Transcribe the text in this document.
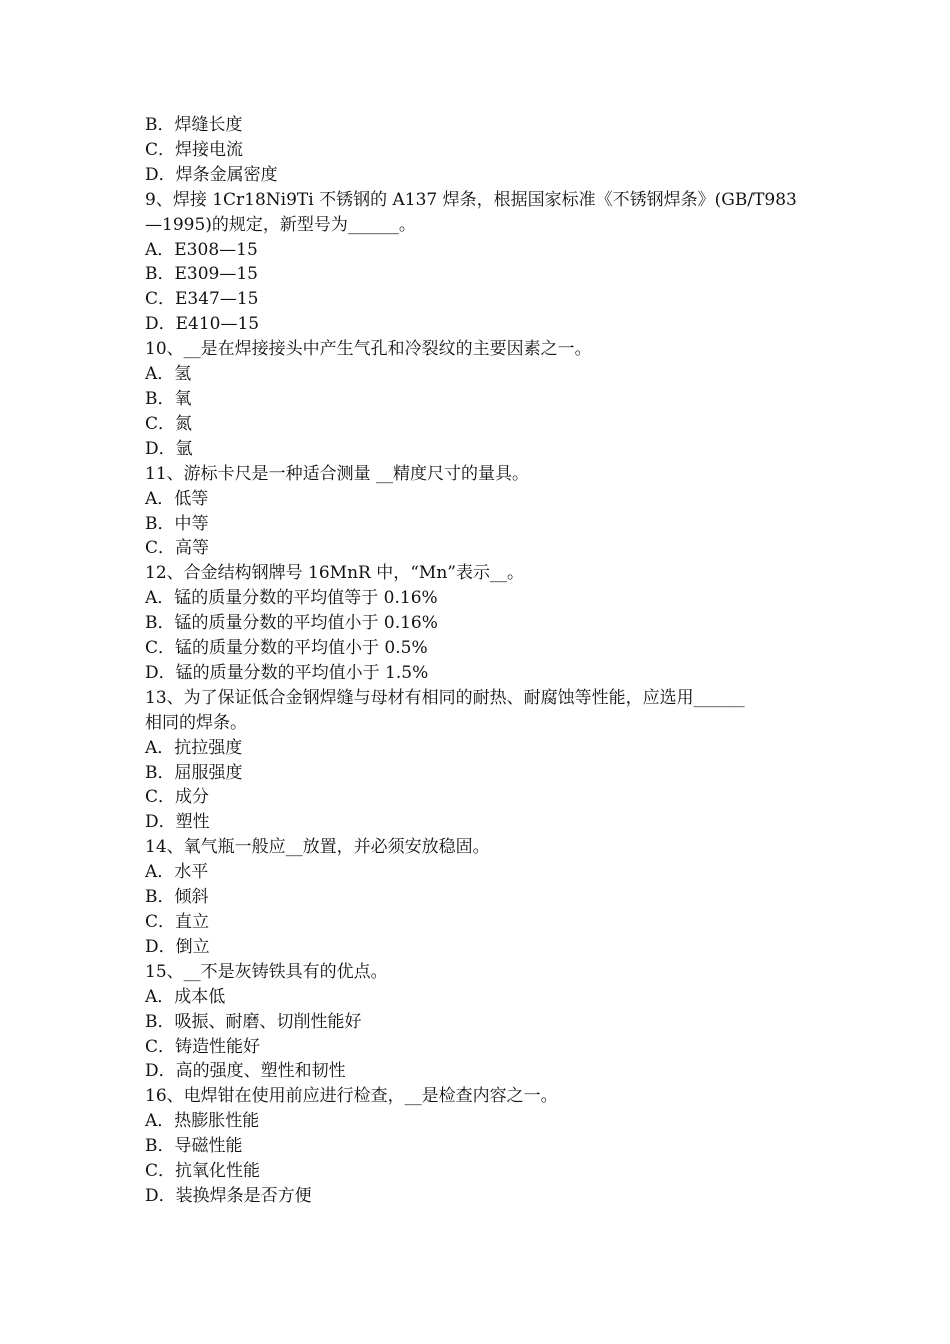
B．焊缝长度

C．焊接电流

D．焊条金属密度

9、焊接 1Cr18Ni9Ti 不锈钢的 A137 焊条，根据国家标准《不锈钢焊条》(GB/T983

—1995)的规定，新型号为______。

A．E308—15

B．E309—15

C．E347—15

D．E410—15

10、__是在焊接接头中产生气孔和冷裂纹的主要因素之一。

A．氢

B．氧

C．氮

D．氩

11、游标卡尺是一种适合测量 __精度尺寸的量具。

A．低等

B．中等

C．高等

12、合金结构钢牌号 16MnR 中，“Mn”表示__。

A．锰的质量分数的平均值等于 0.16%

B．锰的质量分数的平均值小于 0.16%

C．锰的质量分数的平均值小于 0.5%

D．锰的质量分数的平均值小于 1.5%

13、为了保证低合金钢焊缝与母材有相同的耐热、耐腐蚀等性能，应选用______

相同的焊条。

A．抗拉强度

B．屈服强度

C．成分

D．塑性

14、氧气瓶一般应__放置，并必须安放稳固。

A．水平

B．倾斜

C．直立

D．倒立

15、__不是灰铸铁具有的优点。

A．成本低

B．吸振、耐磨、切削性能好

C．铸造性能好

D．高的强度、塑性和韧性

16、电焊钳在使用前应进行检查，__是检查内容之一。

A．热膨胀性能

B．导磁性能

C．抗氧化性能

D．装换焊条是否方便
